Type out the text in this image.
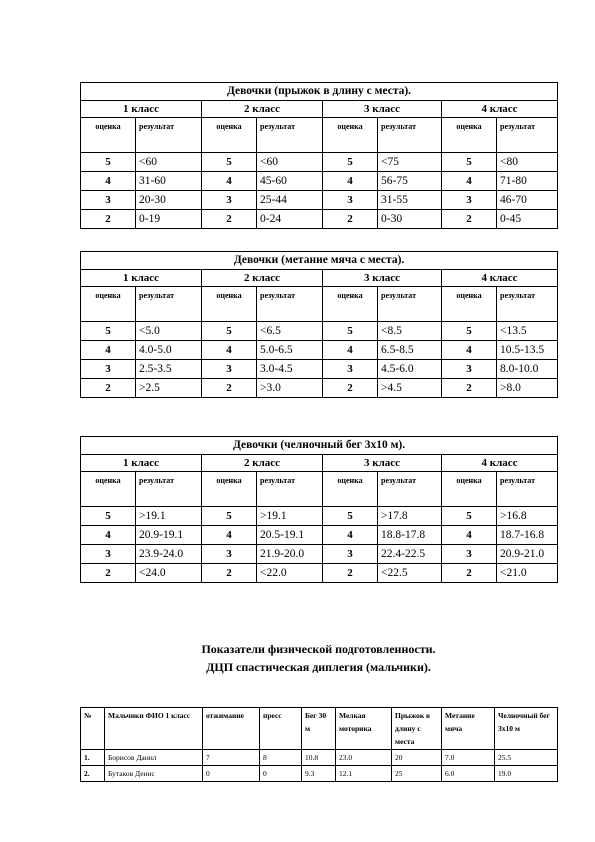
Девочки (прыжок в длину с места).							
1 класс		2 класс		3 класс		4 класс	
оценка	результат	оценка	результат	оценка	результат	оценка	результат
5	<60	5	<60	5	<75	5	<80
4	31-60	4	45-60	4	56-75	4	71-80
3	20-30	3	25-44	3	31-55	3	46-70
2	0-19	2	0-24	2	0-30	2	0-45
Девочки (метание мяча с места).							
1 класс		2 класс		3 класс		4 класс	
оценка	результат	оценка	результат	оценка	результат	оценка	результат
5	<5.0	5	<6.5	5	<8.5	5	<13.5
4	4.0-5.0	4	5.0-6.5	4	6.5-8.5	4	10.5-13.5
3	2.5-3.5	3	3.0-4.5	3	4.5-6.0	3	8.0-10.0
2	>2.5	2	>3.0	2	>4.5	2	>8.0
Девочки (челночный бег 3х10 м).							
1 класс		2 класс		3 класс		4 класс	
оценка	результат	оценка	результат	оценка	результат	оценка	результат
5	>19.1	5	>19.1	5	>17.8	5	>16.8
4	20.9-19.1	4	20.5-19.1	4	18.8-17.8	4	18.7-16.8
3	23.9-24.0	3	21.9-20.0	3	22.4-22.5	3	20.9-21.0
2	<24.0	2	<22.0	2	<22.5	2	<21.0
Показатели физической подготовленности.
ДЦП спастическая диплегия (мальчики).
№	Мальчики ФИО 1 класс	отжимание	пресс	Бег 30 м	Мелкая моторика	Прыжок в длину с места	Метание мяча	Челночный бег 3х10 м
1.	Борисов Данил	7	8	10.8	23.0	20	7.0	25.5
2.	Бутаков Денис	0	0	9.3	12.1	25	6.0	19.0
